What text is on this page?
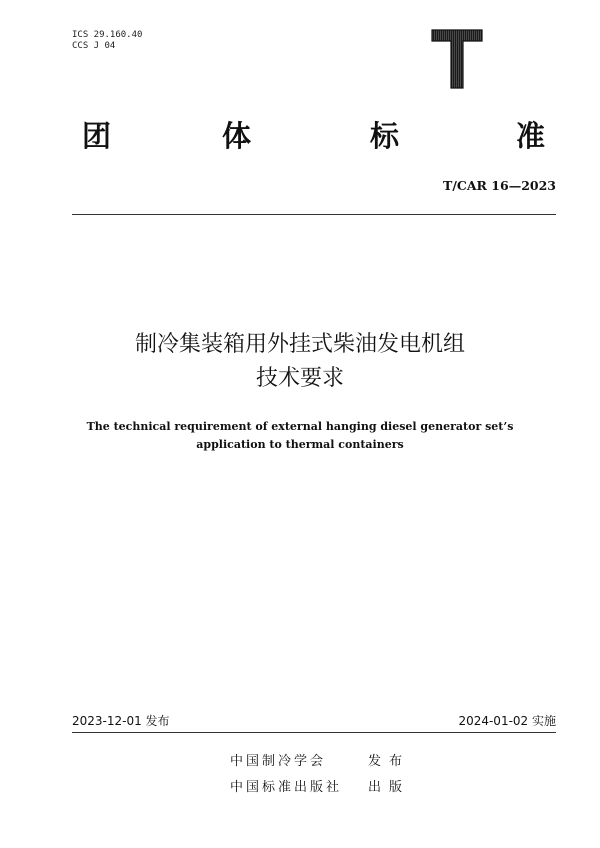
ICS 29.160.40
CCS J 04
团	体	标	准
T/CAR 16—2023
制冷集装箱用外挂式柴油发电机组
技术要求
The technical requirement of external hanging diesel generator set’s
application to thermal containers
2023-12-01 发布	2024-01-02 实施
中国制冷学会	发布
中国标准出版社 出版
